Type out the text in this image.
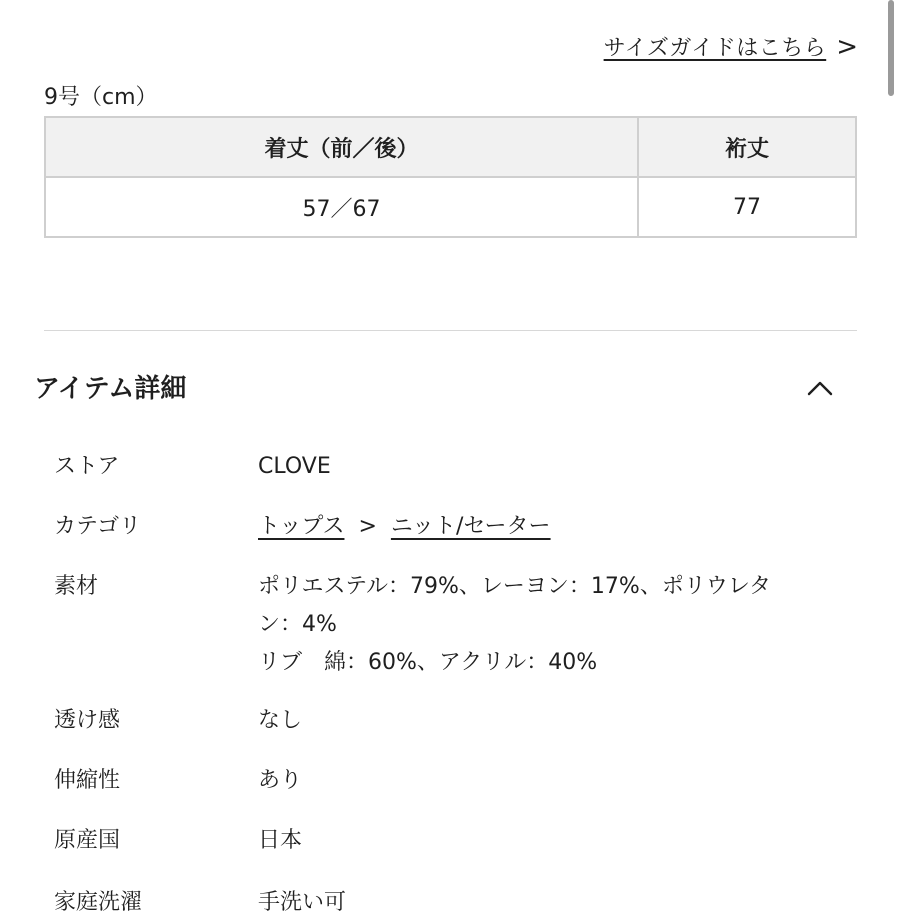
サイズガイドはこちら >
9号（cm）
着丈（前／後）	裄丈
57／67	77
アイテム詳細
ストア	CLOVE
カテゴリ	トップス > ニット/セーター
素材	ポリエステル：79%、レーヨン：17%、ポリウレタ
ン：4%
リブ　綿：60%、アクリル：40%
透け感	なし
伸縮性	あり
原産国	日本
家庭洗濯	手洗い可
